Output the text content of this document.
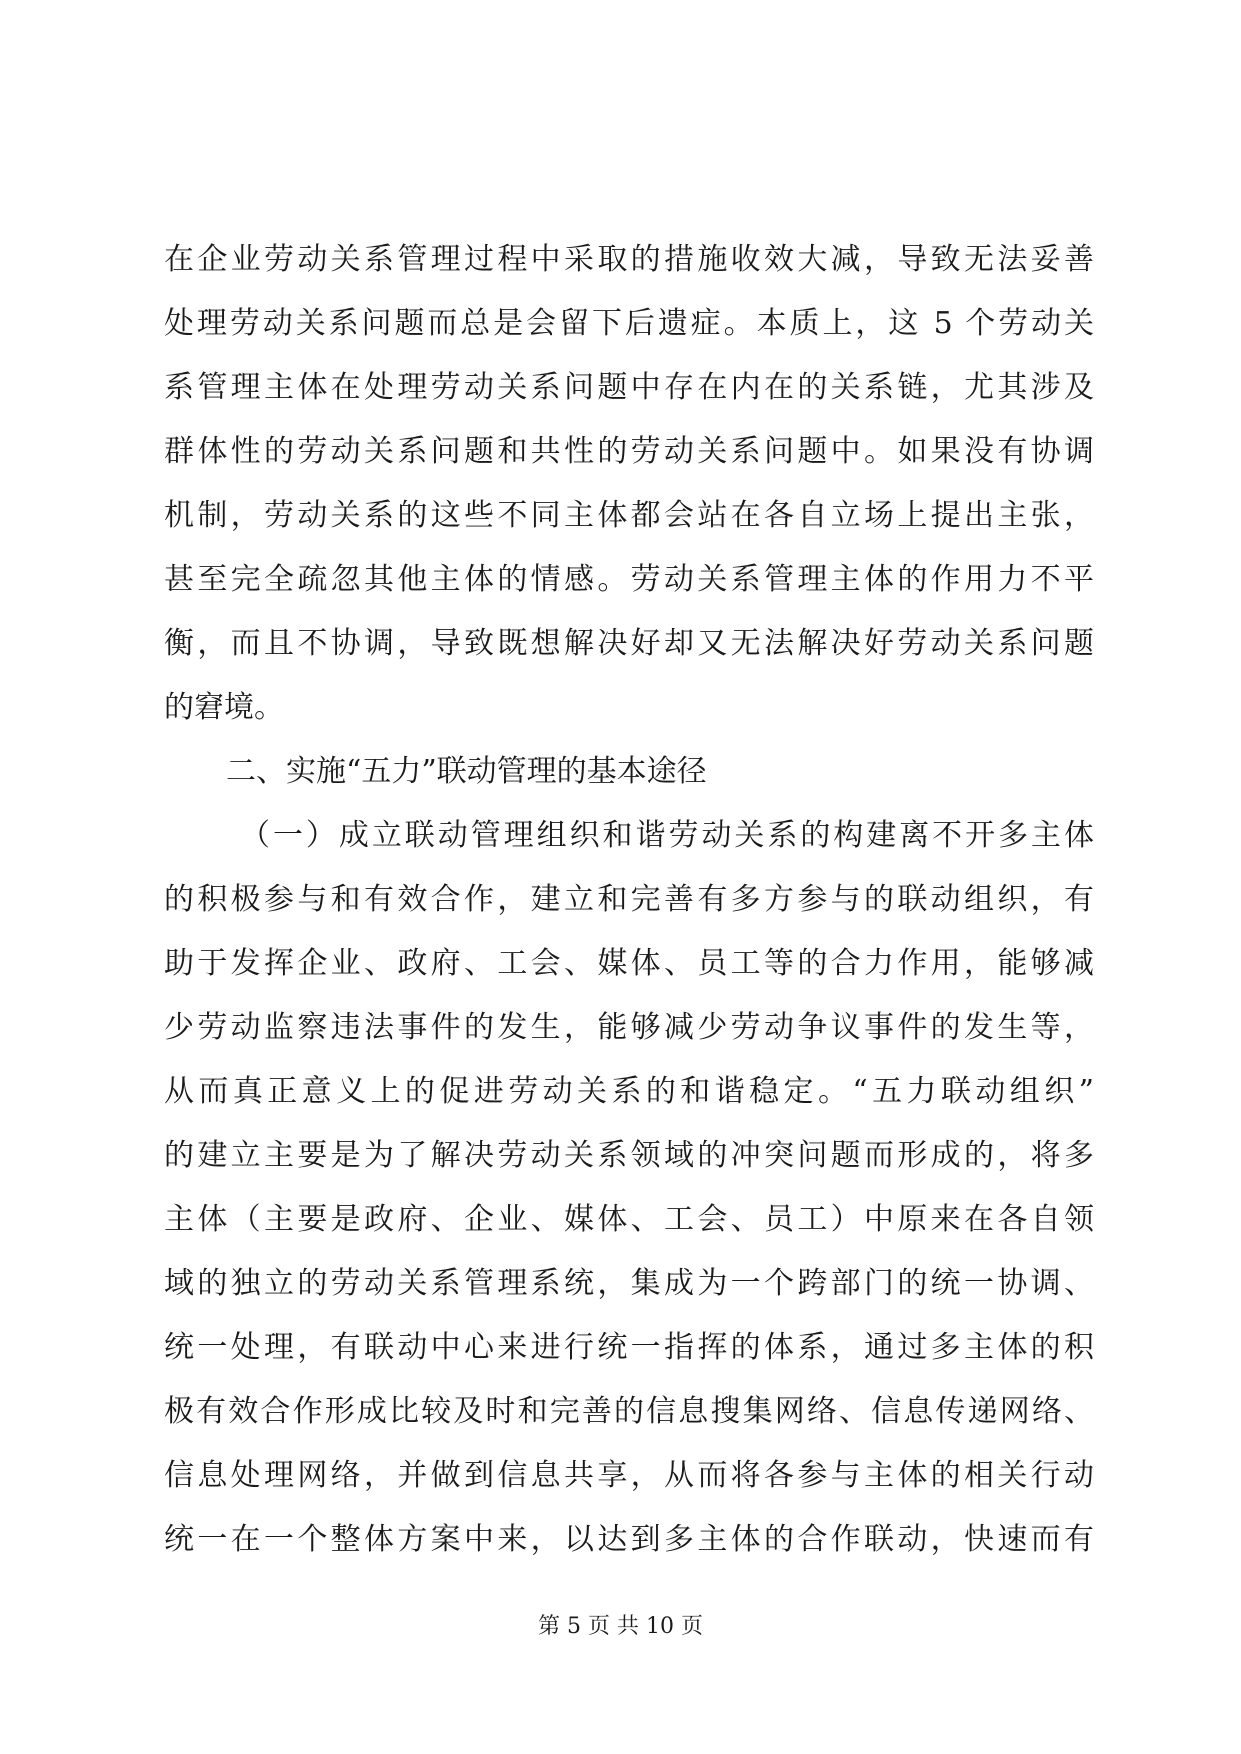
在企业劳动关系管理过程中采取的措施收效大减，导致无法妥善
处理劳动关系问题而总是会留下后遗症。本质上，这 5 个劳动关
系管理主体在处理劳动关系问题中存在内在的关系链，尤其涉及
群体性的劳动关系问题和共性的劳动关系问题中。如果没有协调
机制，劳动关系的这些不同主体都会站在各自立场上提出主张，
甚至完全疏忽其他主体的情感。劳动关系管理主体的作用力不平
衡，而且不协调，导致既想解决好却又无法解决好劳动关系问题
的窘境。
二、实施“五力”联动管理的基本途径
（一）成立联动管理组织和谐劳动关系的构建离不开多主体
的积极参与和有效合作，建立和完善有多方参与的联动组织，有
助于发挥企业、政府、工会、媒体、员工等的合力作用，能够减
少劳动监察违法事件的发生，能够减少劳动争议事件的发生等，
从而真正意义上的促进劳动关系的和谐稳定。“五力联动组织”
的建立主要是为了解决劳动关系领域的冲突问题而形成的，将多
主体（主要是政府、企业、媒体、工会、员工）中原来在各自领
域的独立的劳动关系管理系统，集成为一个跨部门的统一协调、
统一处理，有联动中心来进行统一指挥的体系，通过多主体的积
极有效合作形成比较及时和完善的信息搜集网络、信息传递网络、
信息处理网络，并做到信息共享，从而将各参与主体的相关行动
统一在一个整体方案中来，以达到多主体的合作联动，快速而有
第 5 页 共 10 页
